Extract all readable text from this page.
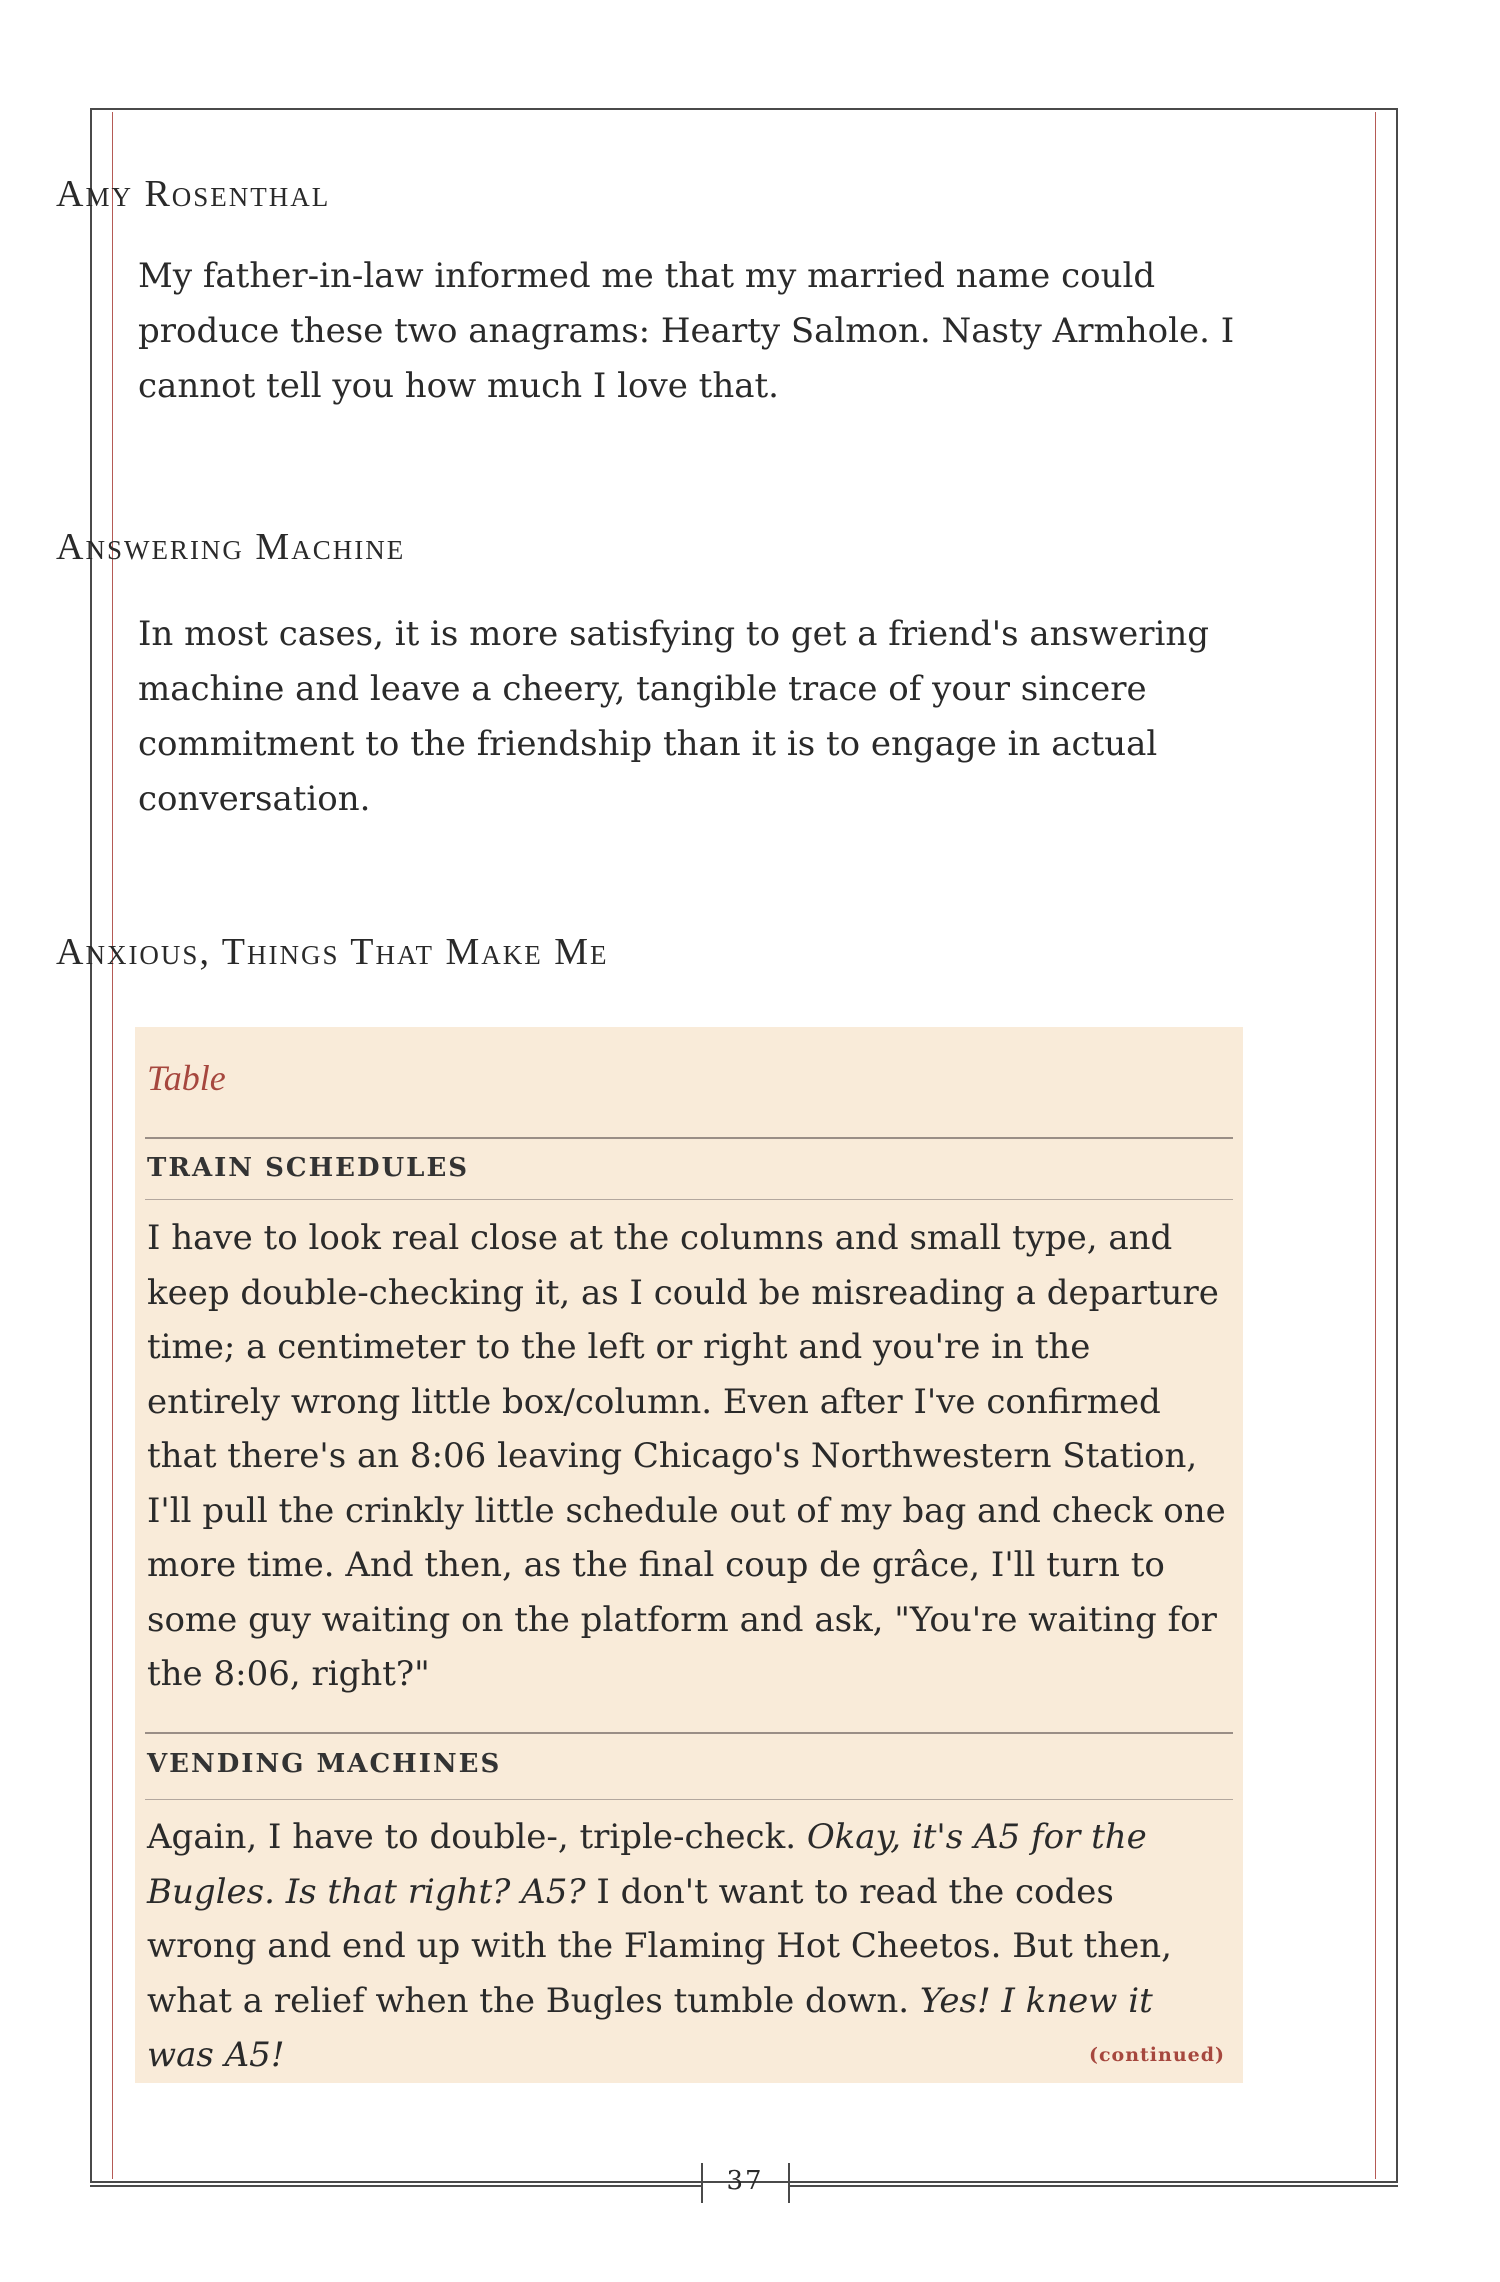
Amy Rosenthal

My father-in-law informed me that my married name could produce these two anagrams: Hearty Salmon. Nasty Armhole. I cannot tell you how much I love that.

Answering Machine

In most cases, it is more satisfying to get a friend's answering machine and leave a cheery, tangible trace of your sincere commitment to the friendship than it is to engage in actual conversation.

Anxious, Things That Make Me

Table

TRAIN SCHEDULES

I have to look real close at the columns and small type, and keep double-checking it, as I could be misreading a departure time; a centimeter to the left or right and you're in the entirely wrong little box/column. Even after I've confirmed that there's an 8:06 leaving Chicago's Northwestern Station, I'll pull the crinkly little schedule out of my bag and check one more time. And then, as the final coup de grâce, I'll turn to some guy waiting on the platform and ask, "You're waiting for the 8:06, right?"

VENDING MACHINES

Again, I have to double-, triple-check. Okay, it's A5 for the Bugles. Is that right? A5? I don't want to read the codes wrong and end up with the Flaming Hot Cheetos. But then, what a relief when the Bugles tumble down. Yes! I knew it was A5!	(continued)

37
